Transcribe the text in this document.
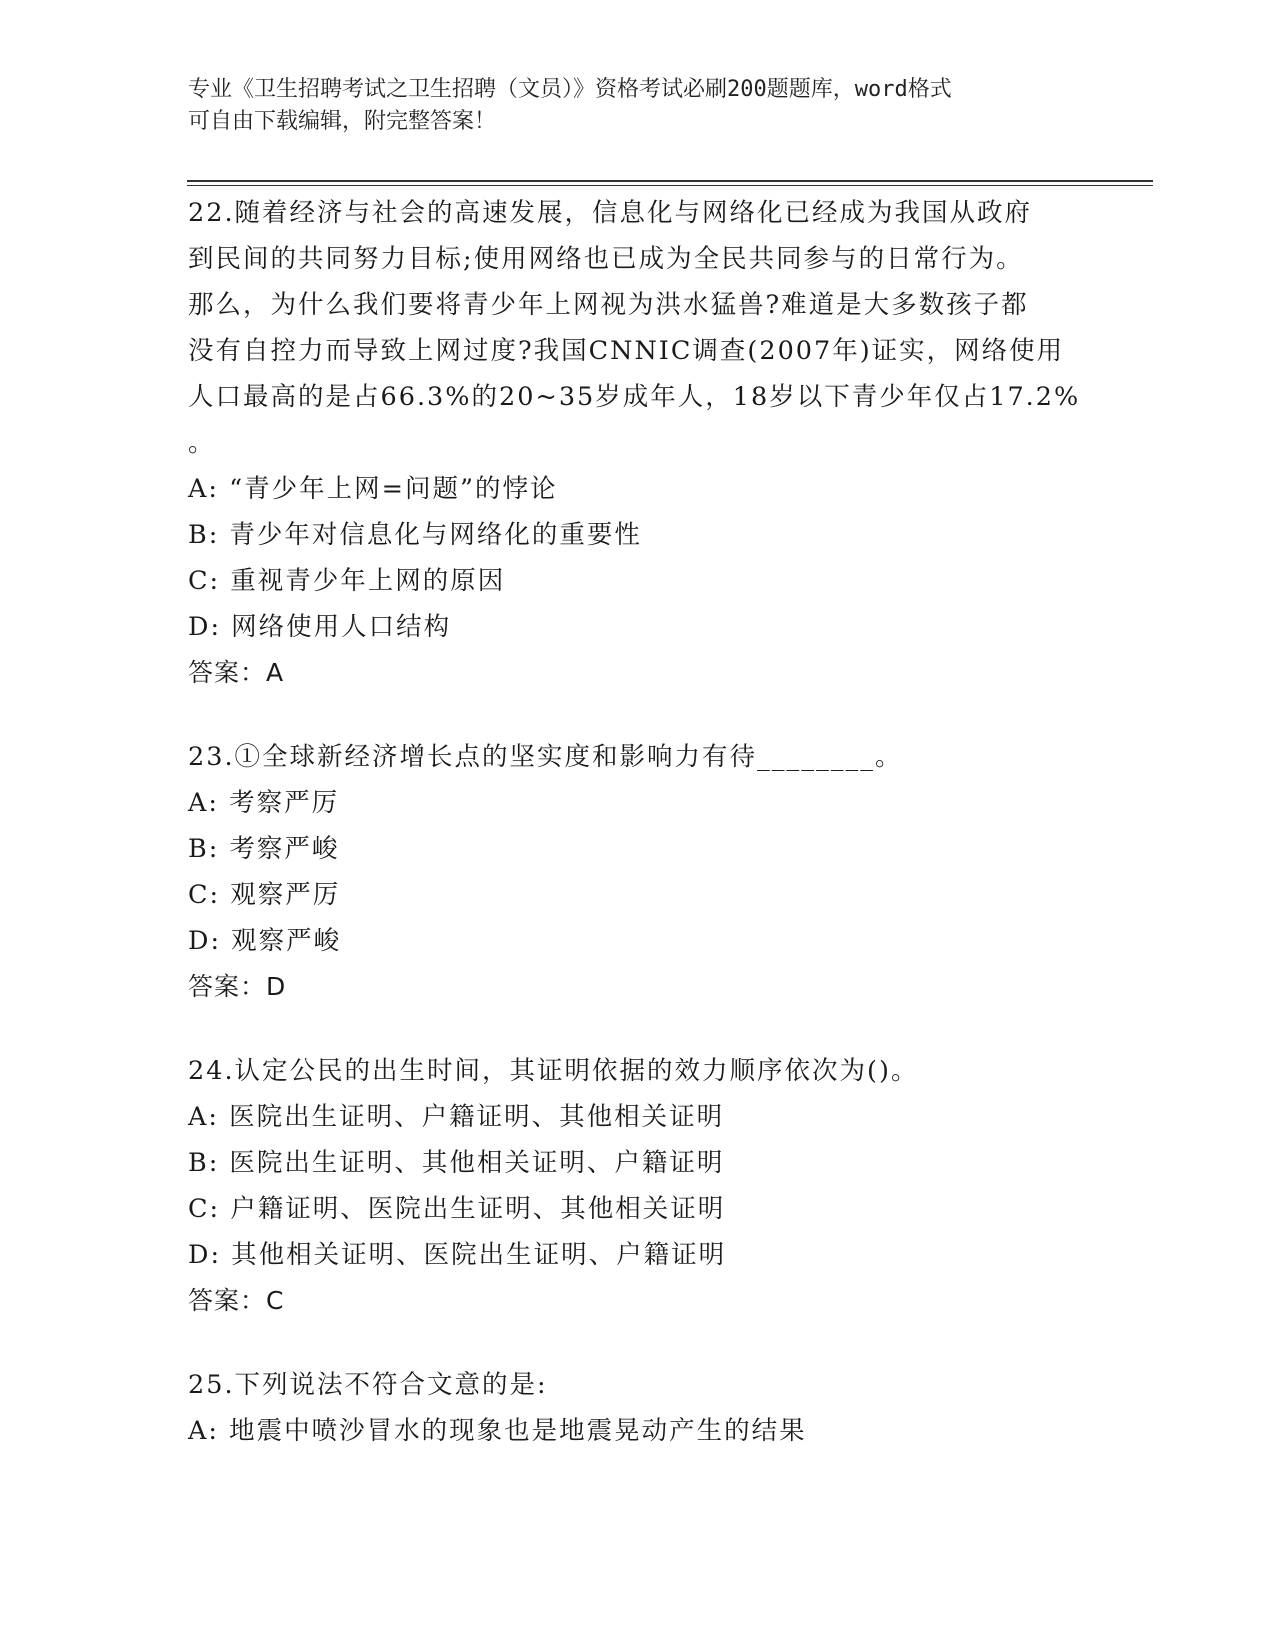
专业《卫生招聘考试之卫生招聘（文员）》资格考试必刷200题题库，word格式
可自由下载编辑，附完整答案！
22.随着经济与社会的高速发展，信息化与网络化已经成为我国从政府
到民间的共同努力目标;使用网络也已成为全民共同参与的日常行为。
那么，为什么我们要将青少年上网视为洪水猛兽?难道是大多数孩子都
没有自控力而导致上网过度?我国CNNIC调查(2007年)证实，网络使用
人口最高的是占66.3%的20~35岁成年人，18岁以下青少年仅占17.2%
。
A: “青少年上网=问题”的悖论
B: 青少年对信息化与网络化的重要性
C: 重视青少年上网的原因
D: 网络使用人口结构
答案：A
23.①全球新经济增长点的坚实度和影响力有待________。
A: 考察严厉
B: 考察严峻
C: 观察严厉
D: 观察严峻
答案：D
24.认定公民的出生时间，其证明依据的效力顺序依次为()。
A: 医院出生证明、户籍证明、其他相关证明
B: 医院出生证明、其他相关证明、户籍证明
C: 户籍证明、医院出生证明、其他相关证明
D: 其他相关证明、医院出生证明、户籍证明
答案：C
25.下列说法不符合文意的是:
A: 地震中喷沙冒水的现象也是地震晃动产生的结果
